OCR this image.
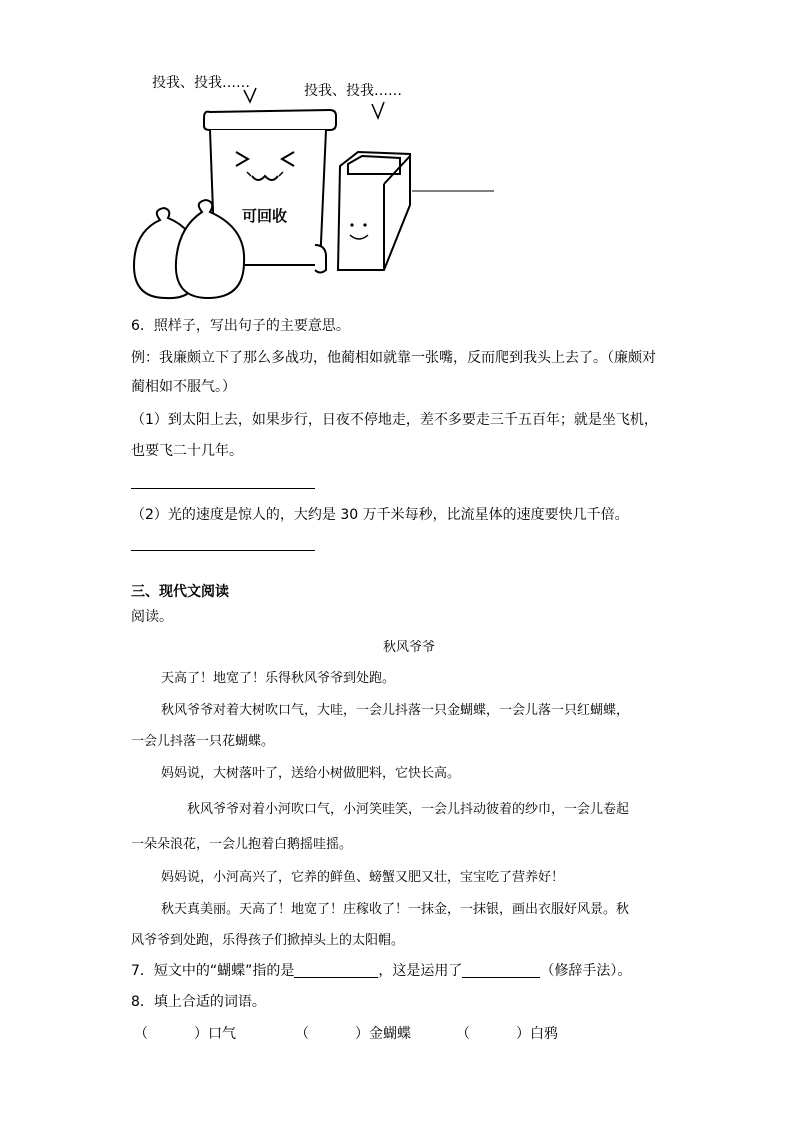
投我、投我……	投我、投我……
可回收
6．照样子，写出句子的主要意思。
例：我廉颇立下了那么多战功，他蔺相如就靠一张嘴，反而爬到我头上去了。（廉颇对
蔺相如不服气。）
（1）到太阳上去，如果步行，日夜不停地走，差不多要走三千五百年；就是坐飞机，
也要飞二十几年。
（2）光的速度是惊人的，大约是 30 万千米每秒，比流星体的速度要快几千倍。
三、现代文阅读
阅读。
秋风爷爷
天高了！地宽了！乐得秋风爷爷到处跑。
秋风爷爷对着大树吹口气，大哇，一会儿抖落一只金蝴蝶，一会儿落一只红蝴蝶，
一会儿抖落一只花蝴蝶。
妈妈说，大树落叶了，送给小树做肥料，它快长高。
秋风爷爷对着小河吹口气，小河笑哇笑，一会儿抖动彼着的纱巾，一会儿卷起
一朵朵浪花，一会儿抱着白鹅摇哇摇。
妈妈说，小河高兴了，它养的鲜鱼、螃蟹又肥又壮，宝宝吃了营养好！
秋天真美丽。天高了！地宽了！庄稼收了！一抹金，一抹银，画出衣服好风景。秋
风爷爷到处跑，乐得孩子们掀掉头上的太阳帽。
7．短文中的“蝴蝶”指的是	，这是运用了	（修辞手法）。
8．填上合适的词语。
（	）口气	（	）金蝴蝶	（	）白鸦
